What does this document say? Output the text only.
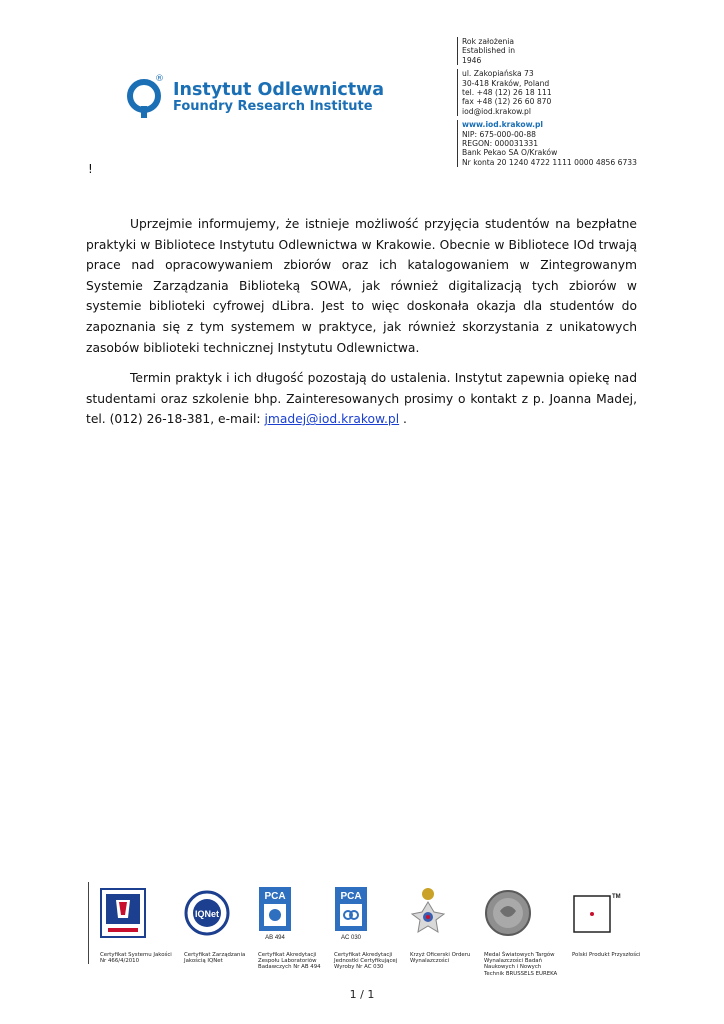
®
Instytut Odlewnictwa
Foundry Research Institute
Rok założenia
Established in
1946
ul. Zakopiańska 73
30-418 Kraków, Poland
tel. +48 (12) 26 18 111
fax +48 (12) 26 60 870
iod@iod.krakow.pl
www.iod.krakow.pl
NIP: 675-000-00-88
REGON: 000031331
Bank Pekao SA O/Kraków
Nr konta 20 1240 4722 1111 0000 4856 6733
!

Uprzejmie informujemy, że istnieje możliwość przyjęcia studentów na bezpłatne praktyki w Bibliotece Instytutu Odlewnictwa w Krakowie. Obecnie w Bibliotece IOd trwają prace nad opracowywaniem zbiorów oraz ich katalogowaniem w Zintegrowanym Systemie Zarządzania Biblioteką SOWA, jak również digitalizacją tych zbiorów w systemie biblioteki cyfrowej dLibra. Jest to więc doskonała okazja dla studentów do zapoznania się z tym systemem w praktyce, jak również skorzystania z unikatowych zasobów biblioteki technicznej Instytutu Odlewnictwa.

Termin praktyk i ich długość pozostają do ustalenia. Instytut zapewnia opiekę nad studentami oraz szkolenie bhp. Zainteresowanych prosimy o kontakt z p. Joanna Madej, tel. (012) 26-18-381, e-mail: jmadej@iod.krakow.pl .

Certyfikat Systemu Jakości Nr 466/4/2010
IQNet
Certyfikat Zarządzania Jakością IQNet
PCA
AB 494
Certyfikat Akredytacji Zespołu Laboratoriów Badawczych Nr AB 494
PCA
AC 030
Certyfikat Akredytacji Jednostki Certyfikującej Wyroby Nr AC 030
Krzyż Oficerski Orderu Wynalazczości
Medal Światowych Targów Wynalazczości Badań Naukowych i Nowych Technik BRUSSELS EUREKA
TM
Polski Produkt Przyszłości
1 / 1
